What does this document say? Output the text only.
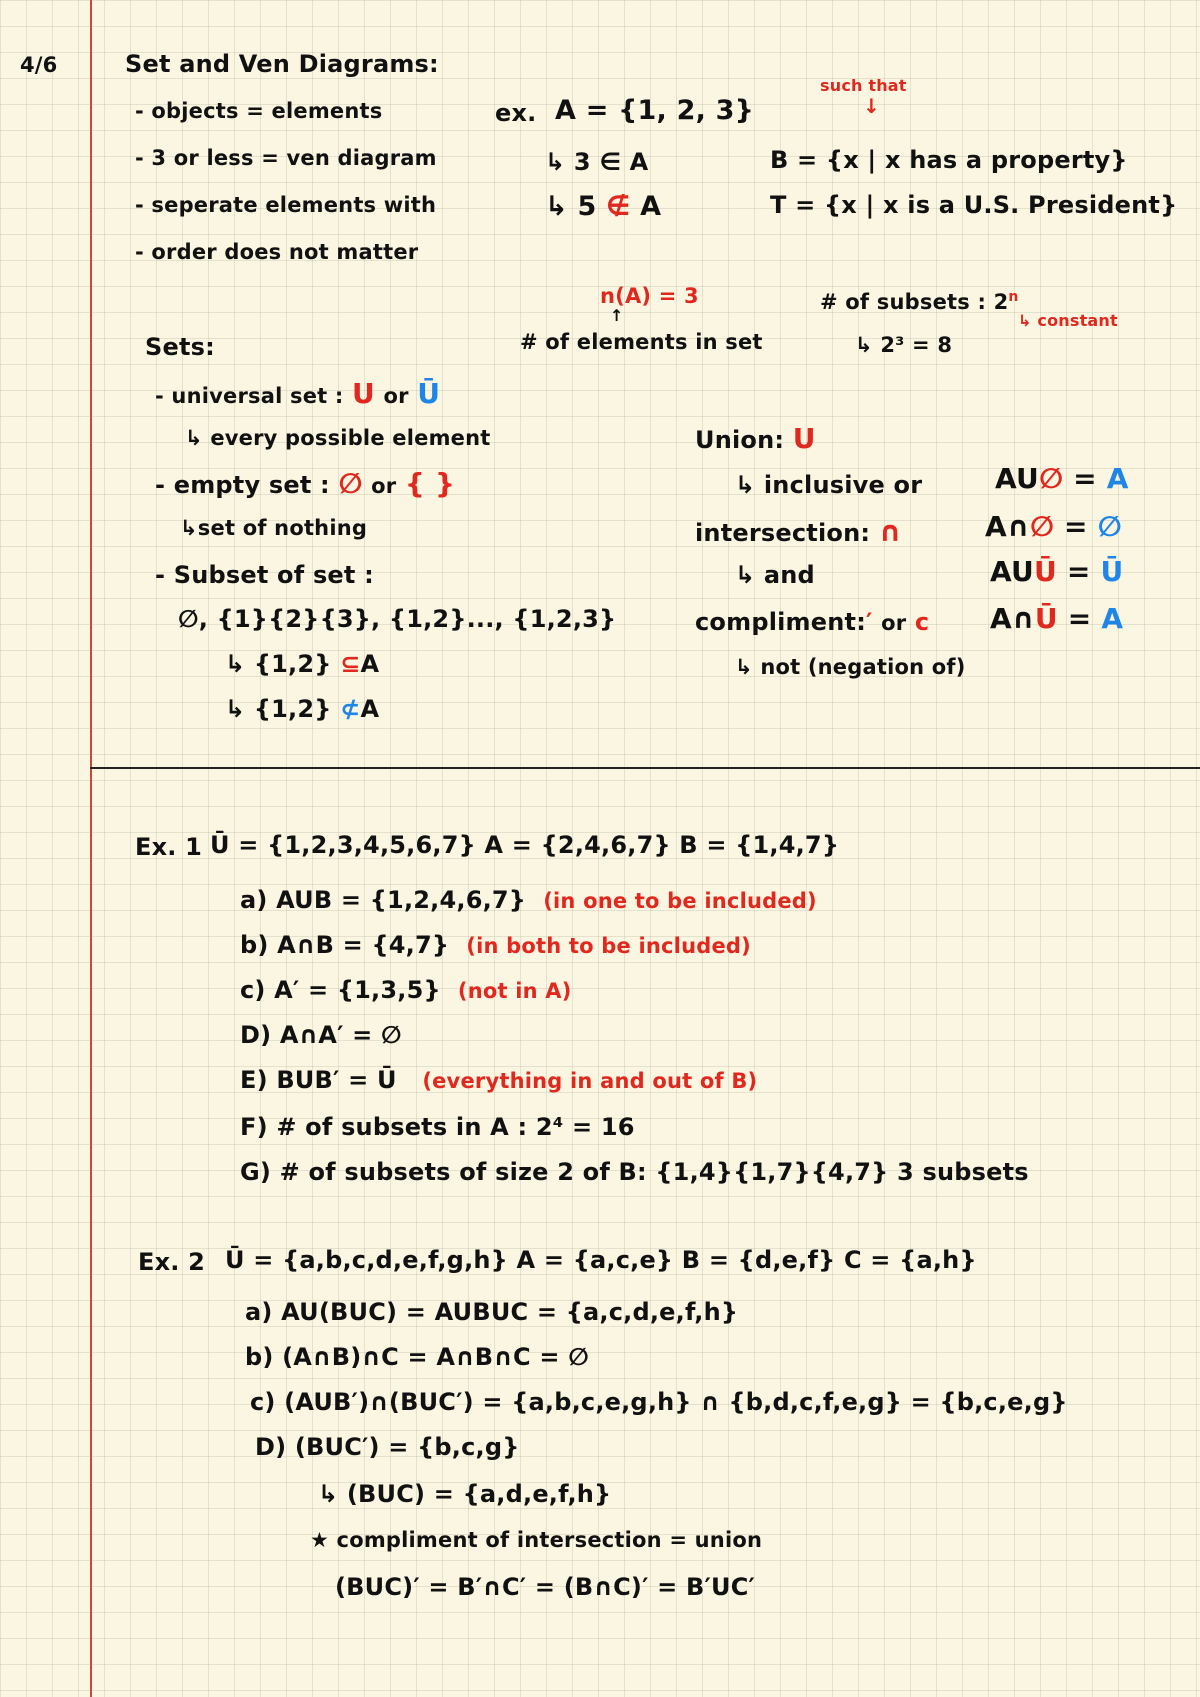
4/6	Set and Ven Diagrams:
- objects = elements
- 3 or less = ven diagram
- seperate elements with
- order does not matter
ex. A = {1, 2, 3}
↳ 3 ∈ A
↳ 5 ∉ A
such that
↓
B = {x | x has a property}
T = {x | x is a U.S. President}
n(A) = 3
↑
# of elements in set
# of subsets : 2$^n$
↳ constant
↳ 2³ = 8
Sets:
- universal set : U or Ū
↳ every possible element
- empty set : ∅ or { }
↳set of nothing
- Subset of set :
∅, {1}{2}{3}, {1,2}..., {1,2,3}
↳ {1,2} ⊆A
↳ {1,2} ⊄A
Union: U
↳ inclusive or
intersection: ∩
↳ and
compliment:′ or c
↳ not (negation of)
AU∅ = A
A∩∅ = ∅
AUŪ = Ū
A∩Ū = A
Ex. 1 Ū = {1,2,3,4,5,6,7} A = {2,4,6,7} B = {1,4,7}
a) AUB = {1,2,4,6,7} (in one to be included)
b) A∩B = {4,7} (in both to be included)
c) A′ = {1,3,5} (not in A)
D) A∩A′ = ∅
E) BUB′ = Ū (everything in and out of B)
F) # of subsets in A : 2⁴ = 16
G) # of subsets of size 2 of B: {1,4}{1,7}{4,7} 3 subsets
Ex. 2 Ū = {a,b,c,d,e,f,g,h} A = {a,c,e} B = {d,e,f} C = {a,h}
a) AU(BUC) = AUBUC = {a,c,d,e,f,h}
b) (A∩B)∩C = A∩B∩C = ∅
c) (AUB′)∩(BUC′) = {a,b,c,e,g,h} ∩ {b,d,c,f,e,g} = {b,c,e,g}
D) (BUC′) = {b,c,g}
↳ (BUC) = {a,d,e,f,h}
★ compliment of intersection = union
(BUC)′ = B′∩C′ = (B∩C)′ = B′UC′
